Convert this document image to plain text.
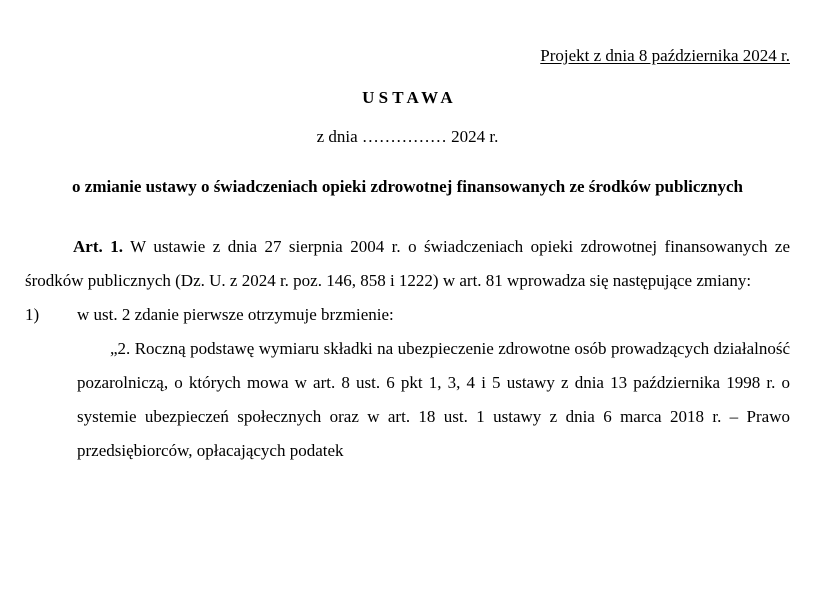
Projekt z dnia 8 października 2024 r.
USTAWA
z dnia …………… 2024 r.
o zmianie ustawy o świadczeniach opieki zdrowotnej finansowanych ze środków publicznych

Art. 1. W ustawie z dnia 27 sierpnia 2004 r. o świadczeniach opieki zdrowotnej finansowanych ze środków publicznych (Dz. U. z 2024 r. poz. 146, 858 i 1222) w art. 81 wprowadza się następujące zmiany:

1)	w ust. 2 zdanie pierwsze otrzymuje brzmienie:

„2. Roczną podstawę wymiaru składki na ubezpieczenie zdrowotne osób prowadzących działalność pozarolniczą, o których mowa w art. 8 ust. 6 pkt 1, 3, 4 i 5 ustawy z dnia 13 października 1998 r. o systemie ubezpieczeń społecznych oraz w art. 18 ust. 1 ustawy z dnia 6 marca 2018 r. – Prawo przedsiębiorców, opłacających podatek
